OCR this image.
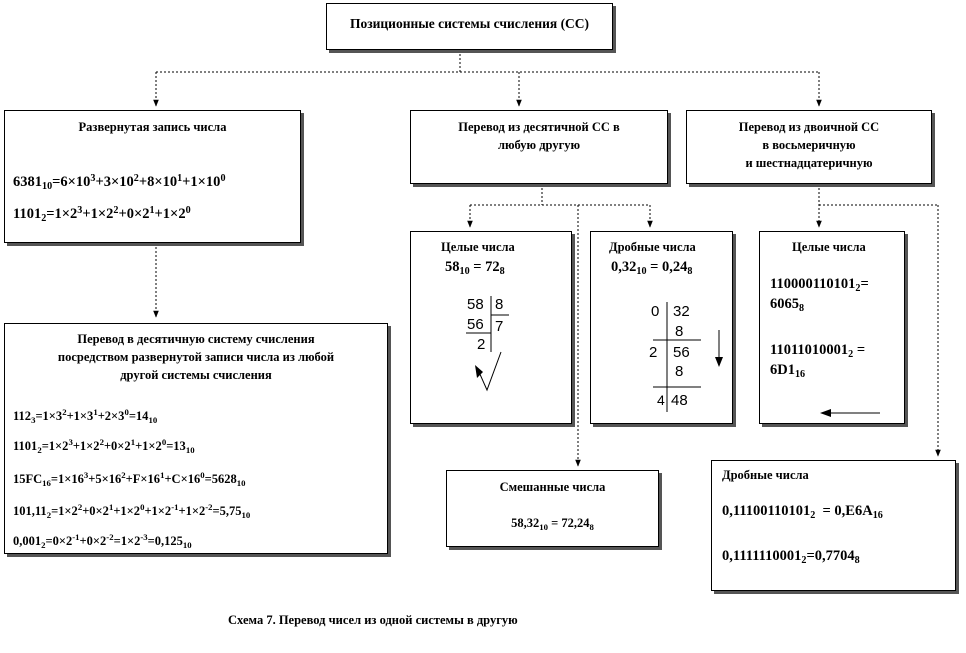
Позиционные системы счисления (СС)
Развернутая запись числа
$6381_{10}=6\times 10^3+3\times 10^2+8\times 10^1+1\times 10^0$
$1101_2=1\times 2^3+1\times 2^2+0\times 2^1+1\times 2^0$
Перевод из десятичной СС в
любую другую
Перевод из двоичной СС
в восьмеричную
и шестнадцатеричную
Целые числа
$58_{10} = 72_8$
58 8
56 7
2
Дробные числа
$0,32_{10} = 0,24_8$
0 32
8
2 56
8
4 48
Целые числа
$110000110101_2=$
$6065_8$
$11011010001_2$ =
$6D1_{16}$
Перевод в десятичную систему счисления
посредством развернутой записи числа из любой
другой системы счисления
$112_3=1\times 3^2+1\times 3^1+2\times 3^0=14_{10}$
$1101_2=1\times 2^3+1\times 2^2+0\times 2^1+1\times 2^0=13_{10}$
$15FC_{16}=1\times 16^3+5\times 16^2+F\times 16^1+C\times 16^0=5628_{10}$
$101,11_2=1\times 2^2+0\times 2^1+1\times 2^0+1\times 2^{-1}+1\times 2^{-2}=5,75_{10}$
$0,001_2=0\times 2^{-1}+0\times 2^{-2}=1\times 2^{-3}=0,125_{10}$
Смешанные числа
$58,32_{10} = 72,24_8$
Дробные числа
$0,11100110101_2 = 0,E6A_{16}$
$0,1111110001_2=0,7704_8$
Схема 7. Перевод чисел из одной системы в другую
